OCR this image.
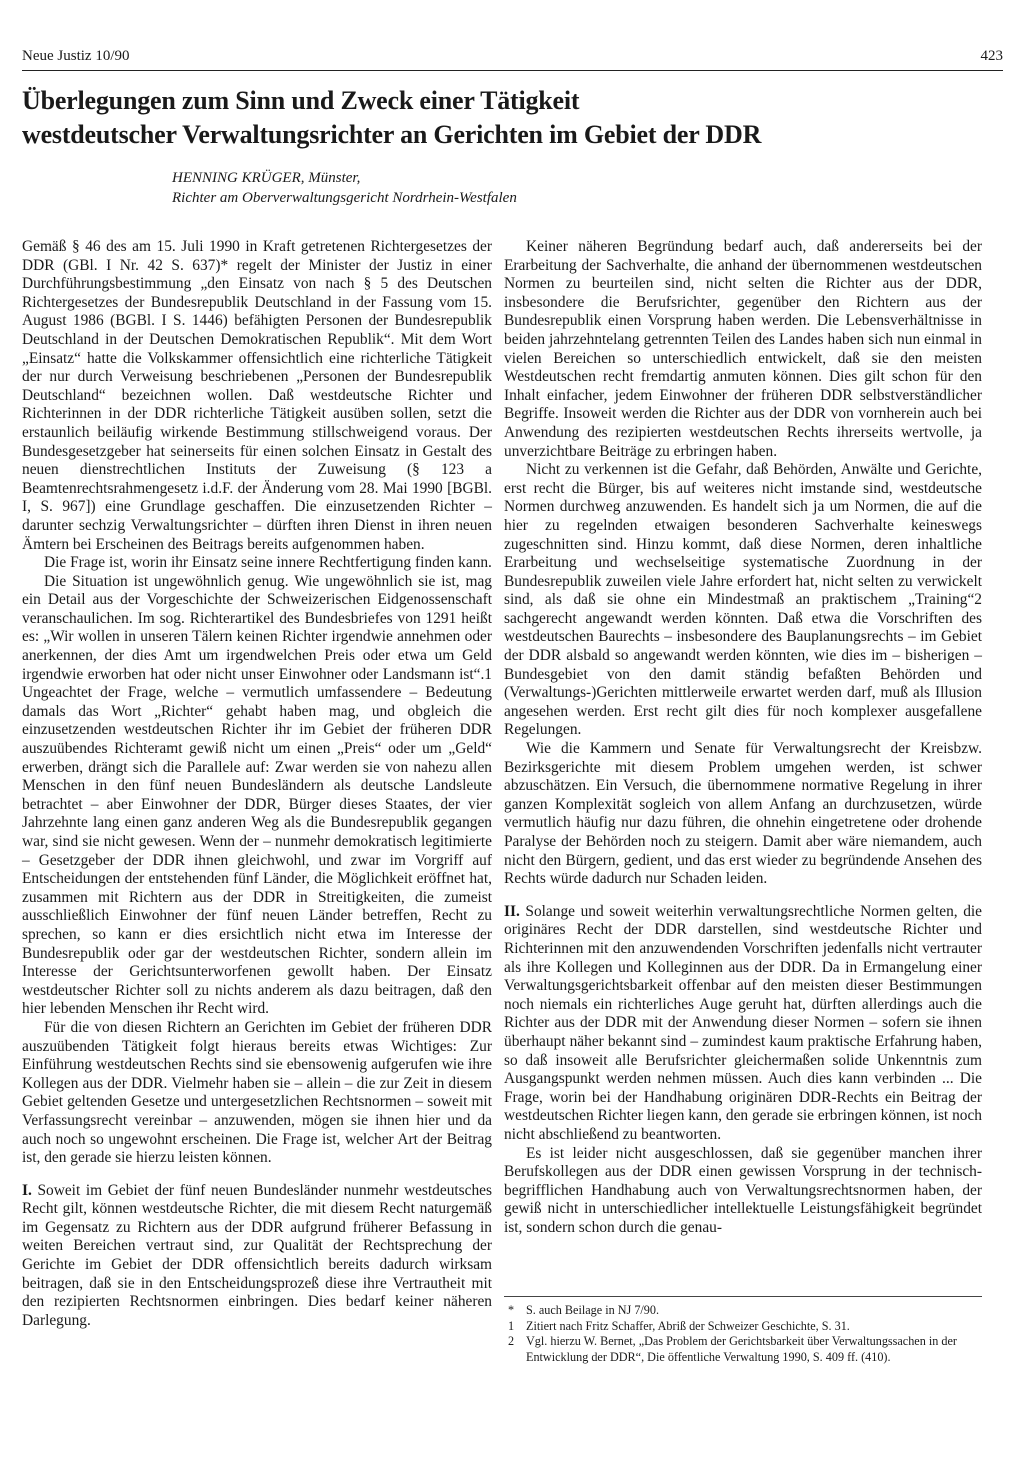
Neue Justiz 10/90	423
Überlegungen zum Sinn und Zweck einer Tätigkeit
westdeutscher Verwaltungsrichter an Gerichten im Gebiet der DDR
HENNING KRÜGER, Münster,
Richter am Oberverwaltungsgericht Nordrhein-Westfalen

Gemäß § 46 des am 15. Juli 1990 in Kraft getretenen Richtergesetzes der DDR (GBl. I Nr. 42 S. 637)* regelt der Minister der Justiz in einer Durchführungsbestimmung „den Einsatz von nach § 5 des Deutschen Richtergesetzes der Bundesrepublik Deutschland in der Fassung vom 15. August 1986 (BGBl. I S. 1446) befähigten Personen der Bundesrepublik Deutschland in der Deutschen Demokratischen Republik“. Mit dem Wort „Einsatz“ hatte die Volkskammer offensichtlich eine richterliche Tätigkeit der nur durch Verweisung beschriebenen „Personen der Bundesrepublik Deutschland“ bezeichnen wollen. Daß westdeutsche Richter und Richterinnen in der DDR richterliche Tätigkeit ausüben sollen, setzt die erstaunlich beiläufig wirkende Bestimmung stillschweigend voraus. Der Bundesgesetzgeber hat seinerseits für einen solchen Einsatz in Gestalt des neuen dienstrechtlichen Instituts der Zuweisung (§ 123 a Beamtenrechtsrahmengesetz i.d.F. der Änderung vom 28. Mai 1990 [BGBl. I, S. 967]) eine Grundlage geschaffen. Die einzusetzenden Richter – darunter sechzig Verwaltungsrichter – dürften ihren Dienst in ihren neuen Ämtern bei Erscheinen des Beitrags bereits aufgenommen haben.

Die Frage ist, worin ihr Einsatz seine innere Rechtfertigung finden kann.

Die Situation ist ungewöhnlich genug. Wie ungewöhnlich sie ist, mag ein Detail aus der Vorgeschichte der Schweizerischen Eidgenossenschaft veranschaulichen. Im sog. Richterartikel des Bundesbriefes von 1291 heißt es: „Wir wollen in unseren Tälern keinen Richter irgendwie annehmen oder anerkennen, der dies Amt um irgendwelchen Preis oder etwa um Geld irgendwie erworben hat oder nicht unser Einwohner oder Landsmann ist“.1 Ungeachtet der Frage, welche – vermutlich umfassendere – Bedeutung damals das Wort „Richter“ gehabt haben mag, und obgleich die einzusetzenden westdeutschen Richter ihr im Gebiet der früheren DDR auszuübendes Richteramt gewiß nicht um einen „Preis“ oder um „Geld“ erwerben, drängt sich die Parallele auf: Zwar werden sie von nahezu allen Menschen in den fünf neuen Bundesländern als deutsche Landsleute betrachtet – aber Einwohner der DDR, Bürger dieses Staates, der vier Jahrzehnte lang einen ganz anderen Weg als die Bundesrepublik gegangen war, sind sie nicht gewesen. Wenn der – nunmehr demokratisch legitimierte – Gesetzgeber der DDR ihnen gleichwohl, und zwar im Vorgriff auf Entscheidungen der entstehenden fünf Länder, die Möglichkeit eröffnet hat, zusammen mit Richtern aus der DDR in Streitigkeiten, die zumeist ausschließlich Einwohner der fünf neuen Länder betreffen, Recht zu sprechen, so kann er dies ersichtlich nicht etwa im Interesse der Bundesrepublik oder gar der westdeutschen Richter, sondern allein im Interesse der Gerichtsunterworfenen gewollt haben. Der Einsatz westdeutscher Richter soll zu nichts anderem als dazu beitragen, daß den hier lebenden Menschen ihr Recht wird.

Für die von diesen Richtern an Gerichten im Gebiet der früheren DDR auszuübenden Tätigkeit folgt hieraus bereits etwas Wichtiges: Zur Einführung westdeutschen Rechts sind sie ebensowenig aufgerufen wie ihre Kollegen aus der DDR. Vielmehr haben sie – allein – die zur Zeit in diesem Gebiet geltenden Gesetze und untergesetzlichen Rechtsnormen – soweit mit Verfassungsrecht vereinbar – anzuwenden, mögen sie ihnen hier und da auch noch so ungewohnt erscheinen. Die Frage ist, welcher Art der Beitrag ist, den gerade sie hierzu leisten können.

I. Soweit im Gebiet der fünf neuen Bundesländer nunmehr westdeutsches Recht gilt, können westdeutsche Richter, die mit diesem Recht naturgemäß im Gegensatz zu Richtern aus der DDR aufgrund früherer Befassung in weiten Bereichen vertraut sind, zur Qualität der Rechtsprechung der Gerichte im Gebiet der DDR offensichtlich bereits dadurch wirksam beitragen, daß sie in den Entscheidungsprozeß diese ihre Vertrautheit mit den rezipierten Rechtsnormen einbringen. Dies bedarf keiner näheren Darlegung.

Keiner näheren Begründung bedarf auch, daß andererseits bei der Erarbeitung der Sachverhalte, die anhand der übernommenen westdeutschen Normen zu beurteilen sind, nicht selten die Richter aus der DDR, insbesondere die Berufsrichter, gegenüber den Richtern aus der Bundesrepublik einen Vorsprung haben werden. Die Lebensverhältnisse in beiden jahrzehntelang getrennten Teilen des Landes haben sich nun einmal in vielen Bereichen so unterschiedlich entwickelt, daß sie den meisten Westdeutschen recht fremdartig anmuten können. Dies gilt schon für den Inhalt einfacher, jedem Einwohner der früheren DDR selbstverständlicher Begriffe. Insoweit werden die Richter aus der DDR von vornherein auch bei Anwendung des rezipierten westdeutschen Rechts ihrerseits wertvolle, ja unverzichtbare Beiträge zu erbringen haben.

Nicht zu verkennen ist die Gefahr, daß Behörden, Anwälte und Gerichte, erst recht die Bürger, bis auf weiteres nicht imstande sind, westdeutsche Normen durchweg anzuwenden. Es handelt sich ja um Normen, die auf die hier zu regelnden etwaigen besonderen Sachverhalte keineswegs zugeschnitten sind. Hinzu kommt, daß diese Normen, deren inhaltliche Erarbeitung und wechselseitige systematische Zuordnung in der Bundesrepublik zuweilen viele Jahre erfordert hat, nicht selten zu verwickelt sind, als daß sie ohne ein Mindestmaß an praktischem „Training“2 sachgerecht angewandt werden könnten. Daß etwa die Vorschriften des westdeutschen Baurechts – insbesondere des Bauplanungsrechts – im Gebiet der DDR alsbald so angewandt werden könnten, wie dies im – bisherigen – Bundesgebiet von den damit ständig befaßten Behörden und (Verwaltungs-)Gerichten mittlerweile erwartet werden darf, muß als Illusion angesehen werden. Erst recht gilt dies für noch komplexer ausgefallene Regelungen.

Wie die Kammern und Senate für Verwaltungsrecht der Kreisbzw. Bezirksgerichte mit diesem Problem umgehen werden, ist schwer abzuschätzen. Ein Versuch, die übernommene normative Regelung in ihrer ganzen Komplexität sogleich von allem Anfang an durchzusetzen, würde vermutlich häufig nur dazu führen, die ohnehin eingetretene oder drohende Paralyse der Behörden noch zu steigern. Damit aber wäre niemandem, auch nicht den Bürgern, gedient, und das erst wieder zu begründende Ansehen des Rechts würde dadurch nur Schaden leiden.

II. Solange und soweit weiterhin verwaltungsrechtliche Normen gelten, die originäres Recht der DDR darstellen, sind westdeutsche Richter und Richterinnen mit den anzuwendenden Vorschriften jedenfalls nicht vertrauter als ihre Kollegen und Kolleginnen aus der DDR. Da in Ermangelung einer Verwaltungsgerichtsbarkeit offenbar auf den meisten dieser Bestimmungen noch niemals ein richterliches Auge geruht hat, dürften allerdings auch die Richter aus der DDR mit der Anwendung dieser Normen – sofern sie ihnen überhaupt näher bekannt sind – zumindest kaum praktische Erfahrung haben, so daß insoweit alle Berufsrichter gleichermaßen solide Unkenntnis zum Ausgangspunkt werden nehmen müssen. Auch dies kann verbinden ... Die Frage, worin bei der Handhabung originären DDR-Rechts ein Beitrag der westdeutschen Richter liegen kann, den gerade sie erbringen können, ist noch nicht abschließend zu beantworten.

Es ist leider nicht ausgeschlossen, daß sie gegenüber manchen ihrer Berufskollegen aus der DDR einen gewissen Vorsprung in der technisch-begrifflichen Handhabung auch von Verwaltungsrechtsnormen haben, der gewiß nicht in unterschiedlicher intellektuelle Leistungsfähigkeit begründet ist, sondern schon durch die genau-

* S. auch Beilage in NJ 7/90.
1 Zitiert nach Fritz Schaffer, Abriß der Schweizer Geschichte, S. 31.
2 Vgl. hierzu W. Bernet, „Das Problem der Gerichtsbarkeit über Verwaltungssachen in der Entwicklung der DDR“, Die öffentliche Verwaltung 1990, S. 409 ff. (410).
